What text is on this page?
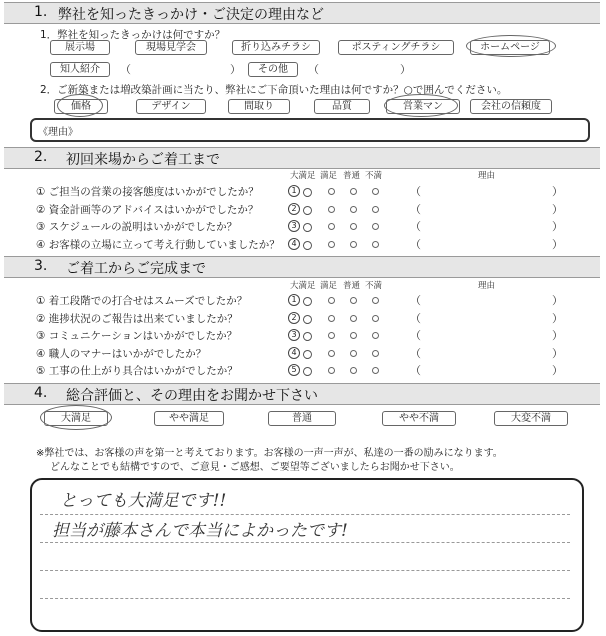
1. 弊社を知ったきっかけ・ご決定の理由など
1．弊社を知ったきっかけは何ですか？
展示場	現場見学会	折り込みチラシ	ポスティングチラシ	ホームページ
知人紹介	（	）	その他	（	）
2．ご新築または増改築計画に当たり、弊社にご下命頂いた理由は何ですか？○で囲んでください。
価格	デザイン	間取り	品質	営業マン	会社の信頼度
《理由》
2. 初回来場からご着工まで
大満足 満足 普通 不満	理由
① ご担当の営業の接客態度はいかがでしたか？	1	（	）
② 資金計画等のアドバイスはいかがでしたか？	2	（	）
③ スケジュールの説明はいかがでしたか？	3	（	）
④ お客様の立場に立って考え行動していましたか？	4	（	）
3. ご着工からご完成まで
大満足 満足 普通 不満	理由
① 着工段階での打合せはスムーズでしたか？	1	（	）
② 進捗状況のご報告は出来ていましたか？	2	（	）
③ コミュニケーションはいかがでしたか？	3	（	）
④ 職人のマナーはいかがでしたか？	4	（	）
⑤ 工事の仕上がり具合はいかがでしたか？	5	（	）
4. 総合評価と、その理由をお聞かせ下さい
大満足	やや満足	普通	やや不満	大変不満
※弊社では、お客様の声を第一と考えております。お客様の一声一声が、私達の一番の励みになります。
どんなことでも結構ですので、ご意見・ご感想、ご要望等ございましたらお聞かせ下さい。
とっても大満足です!!
担当が藤本さんで本当によかったです!
